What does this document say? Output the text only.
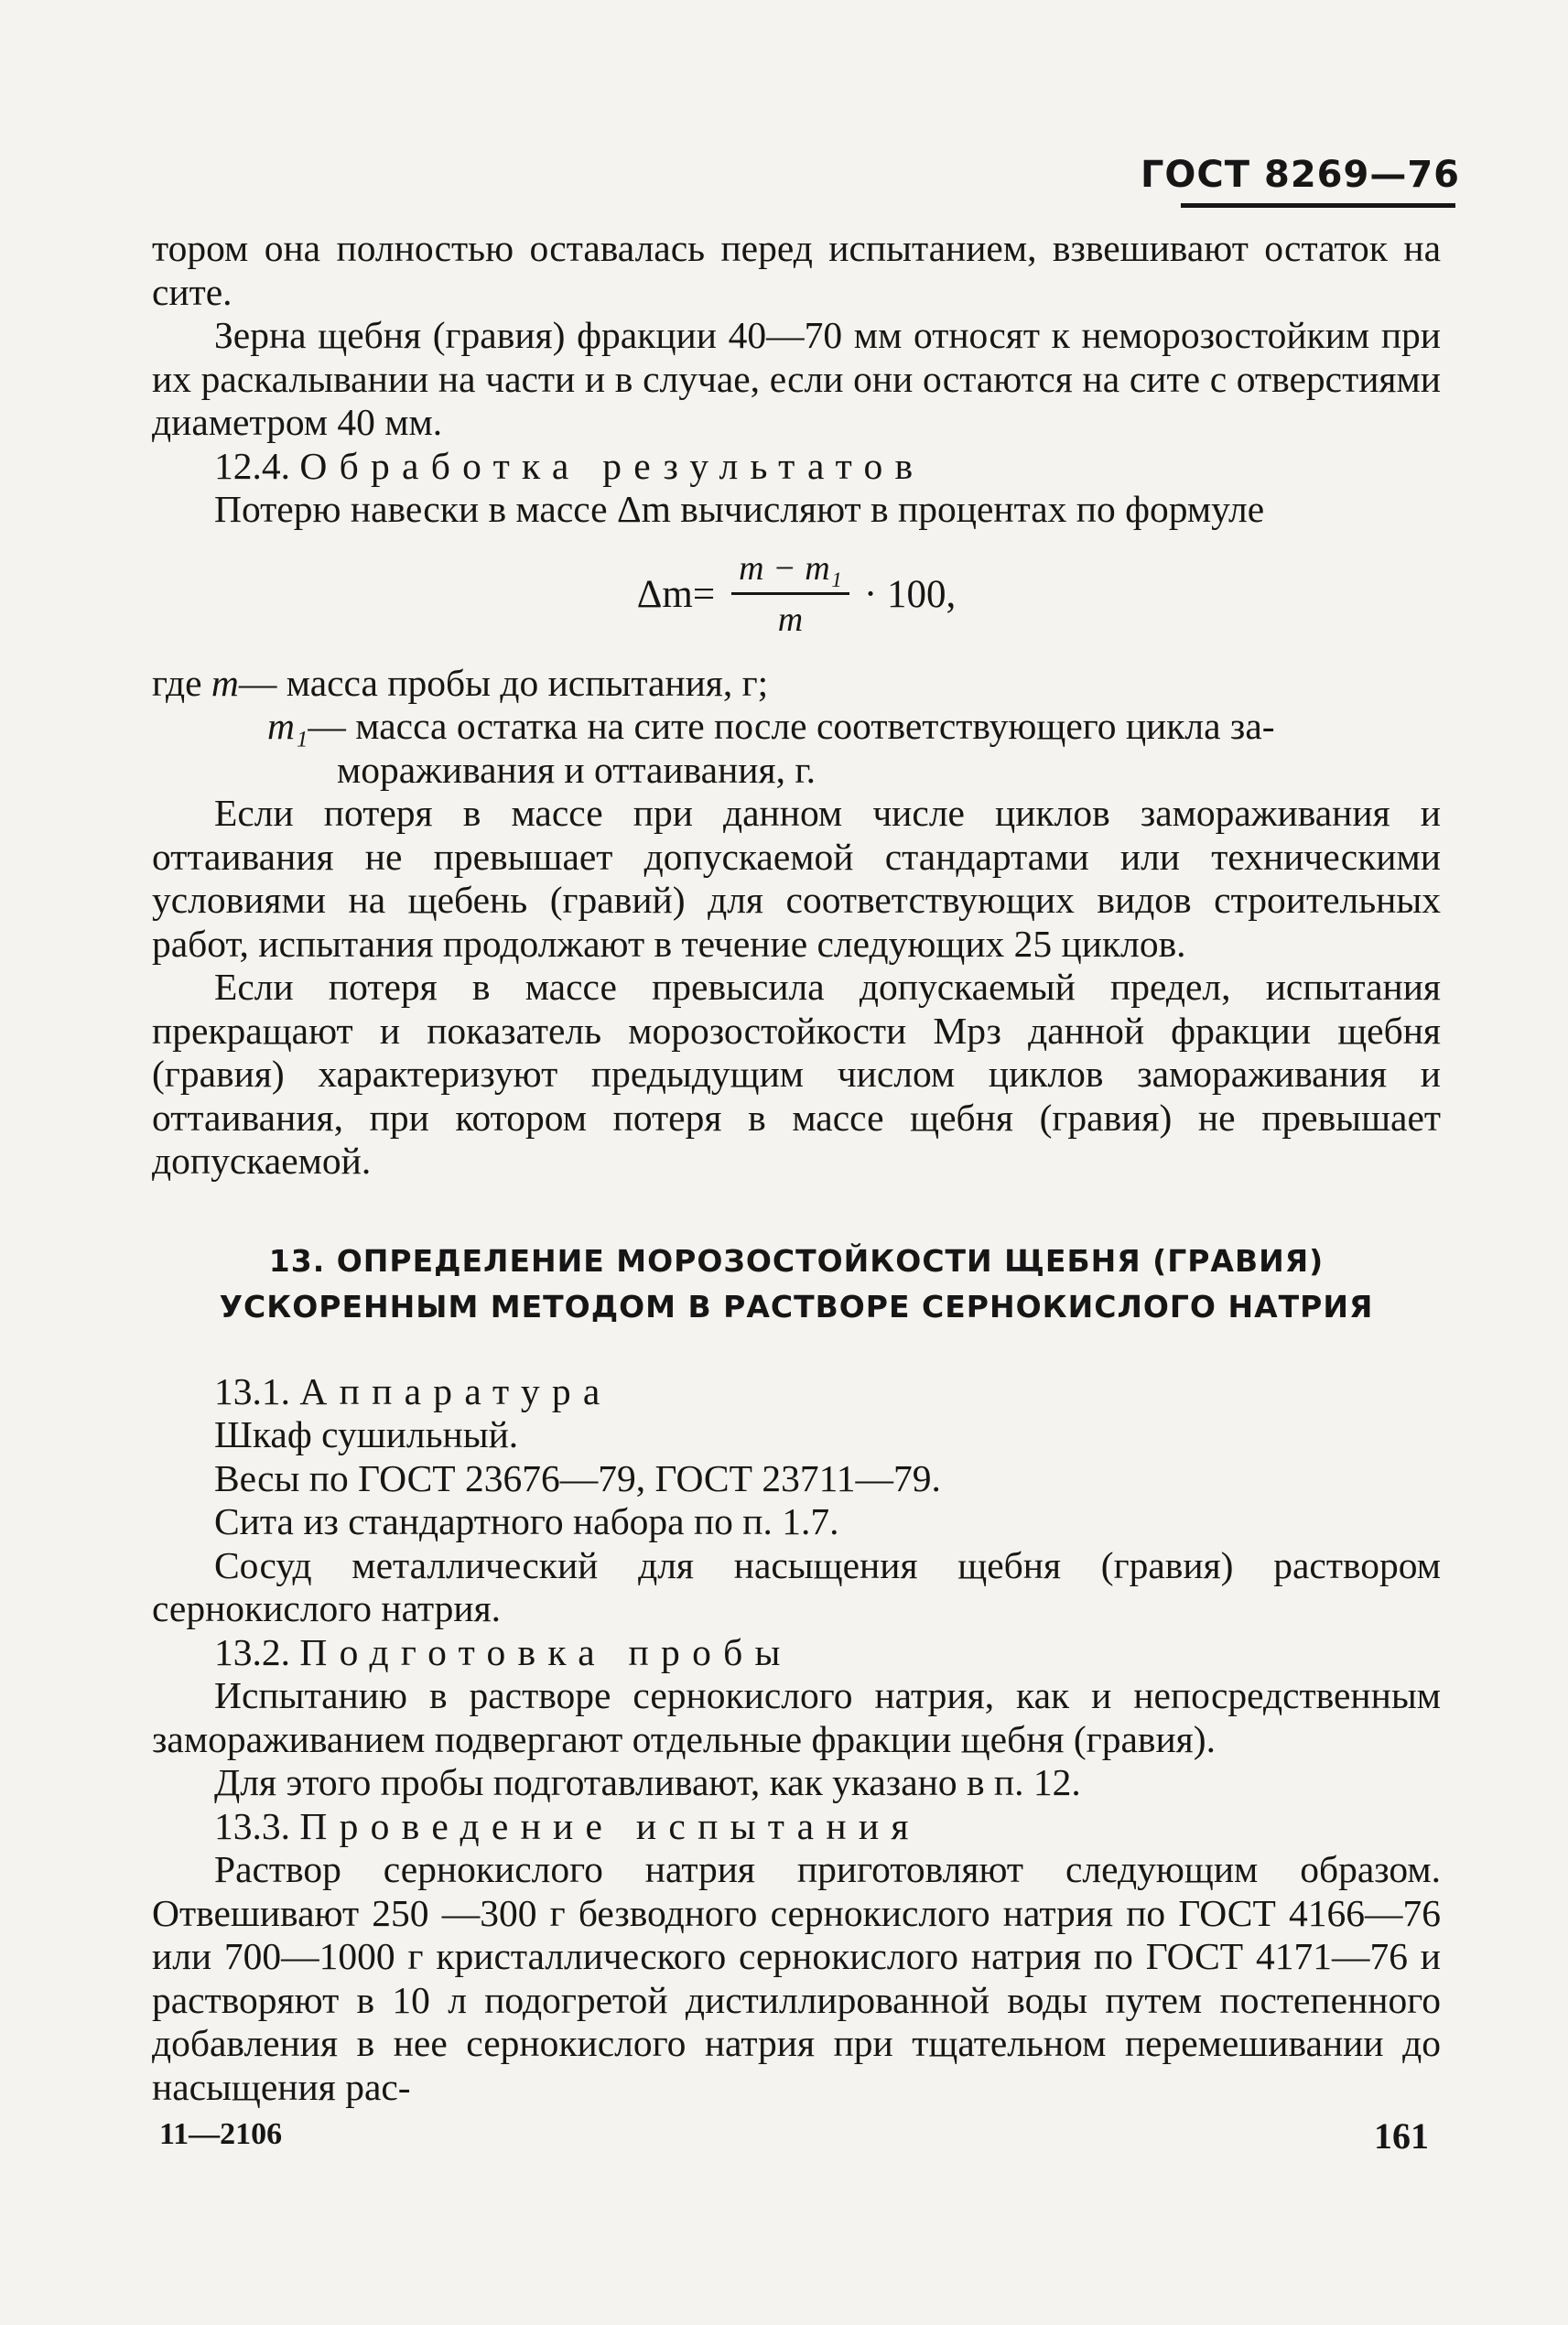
ГОСТ 8269—76

тором она полностью оставалась перед испытанием, взвешивают остаток на сите.

Зерна щебня (гравия) фракции 40—70 мм относят к неморозостойким при их раскалывании на части и в случае, если они остаются на сите с отверстиями диаметром 40 мм.

12.4. Обработка результатов

Потерю навески в массе Δm вычисляют в процентах по формуле

$\Delta m= \frac{\text{m − m₁}}{m} \cdot 100$,
где m — масса пробы до испытания, г;
m₁ — масса остатка на сите после соответствующего цикла за-

мораживания и оттаивания, г.

Если потеря в массе при данном числе циклов замораживания и оттаивания не превышает допускаемой стандартами или техническими условиями на щебень (гравий) для соответствующих видов строительных работ, испытания продолжают в течение следующих 25 циклов.

Если потеря в массе превысила допускаемый предел, испытания прекращают и показатель морозостойкости Мрз данной фракции щебня (гравия) характеризуют предыдущим числом циклов замораживания и оттаивания, при котором потеря в массе щебня (гравия) не превышает допускаемой.

13. ОПРЕДЕЛЕНИЕ МОРОЗОСТОЙКОСТИ ЩЕБНЯ (ГРАВИЯ)
УСКОРЕННЫМ МЕТОДОМ В РАСТВОРЕ СЕРНОКИСЛОГО НАТРИЯ

13.1. Аппаратура

Шкаф сушильный.

Весы по ГОСТ 23676—79, ГОСТ 23711—79.

Сита из стандартного набора по п. 1.7.

Сосуд металлический для насыщения щебня (гравия) раствором сернокислого натрия.

13.2. Подготовка пробы

Испытанию в растворе сернокислого натрия, как и непосредственным замораживанием подвергают отдельные фракции щебня (гравия).

Для этого пробы подготавливают, как указано в п. 12.

13.3. Проведение испытания

Раствор сернокислого натрия приготовляют следующим образом. Отвешивают 250 —300 г безводного сернокислого натрия по ГОСТ 4166—76 или 700—1000 г кристаллического сернокислого натрия по ГОСТ 4171—76 и растворяют в 10 л подогретой дистиллированной воды путем постепенного добавления в нее сернокислого натрия при тщательном перемешивании до насыщения рас-

11—2106	161
